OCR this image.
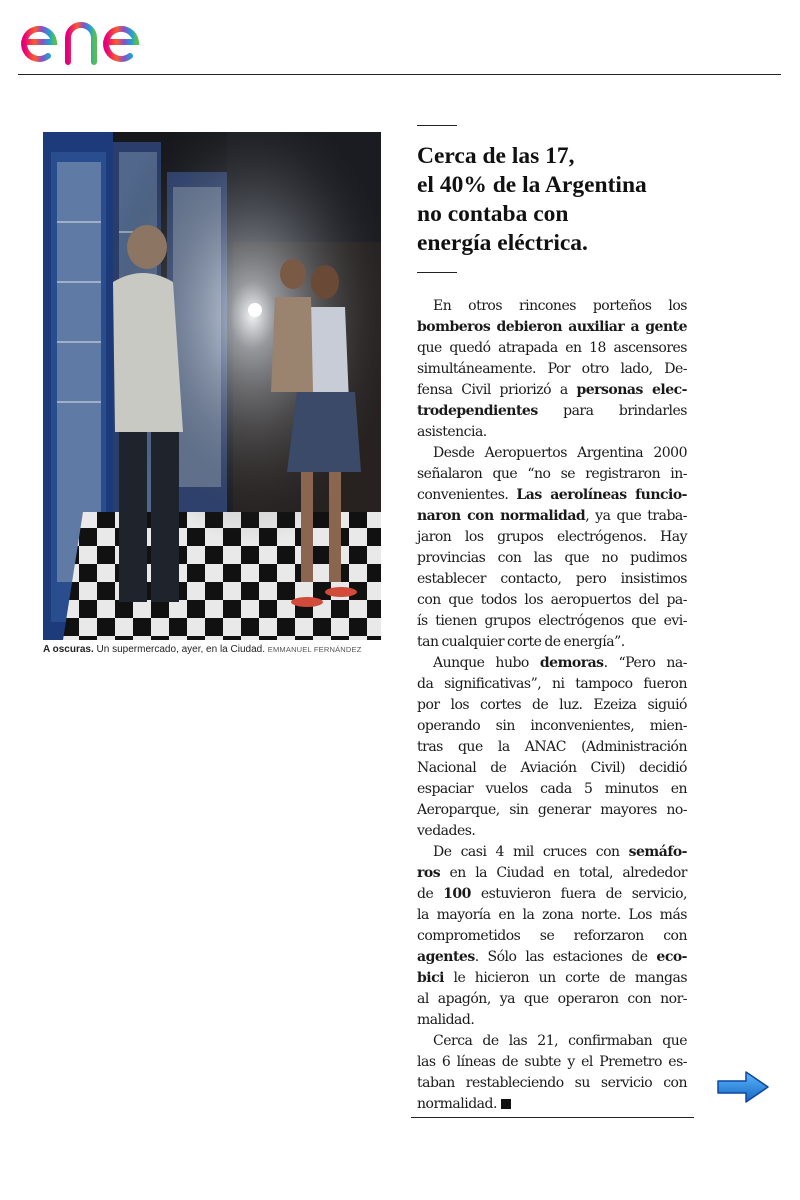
A oscuras. Un supermercado, ayer, en la Ciudad. EMMANUEL FERNÁNDEZ
Cerca de las 17,
el 40% de la Argentina
no contaba con
energía eléctrica.
En otros rincones porteños los
bomberos debieron auxiliar a gente
que quedó atrapada en 18 ascensores
simultáneamente. Por otro lado, De-
fensa Civil priorizó a personas elec-
trodependientes para brindarles
asistencia.
Desde Aeropuertos Argentina 2000
señalaron que “no se registraron in-
convenientes. Las aerolíneas funcio-
naron con normalidad, ya que traba-
jaron los grupos electrógenos. Hay
provincias con las que no pudimos
establecer contacto, pero insistimos
con que todos los aeropuertos del pa-
ís tienen grupos electrógenos que evi-
tan cualquier corte de energía”.
Aunque hubo demoras. “Pero na-
da significativas”, ni tampoco fueron
por los cortes de luz. Ezeiza siguió
operando sin inconvenientes, mien-
tras que la ANAC (Administración
Nacional de Aviación Civil) decidió
espaciar vuelos cada 5 minutos en
Aeroparque, sin generar mayores no-
vedades.
De casi 4 mil cruces con semáfo-
ros en la Ciudad en total, alrededor
de 100 estuvieron fuera de servicio,
la mayoría en la zona norte. Los más
comprometidos se reforzaron con
agentes. Sólo las estaciones de eco-
bici le hicieron un corte de mangas
al apagón, ya que operaron con nor-
malidad.
Cerca de las 21, confirmaban que
las 6 líneas de subte y el Premetro es-
taban restableciendo su servicio con
normalidad.
